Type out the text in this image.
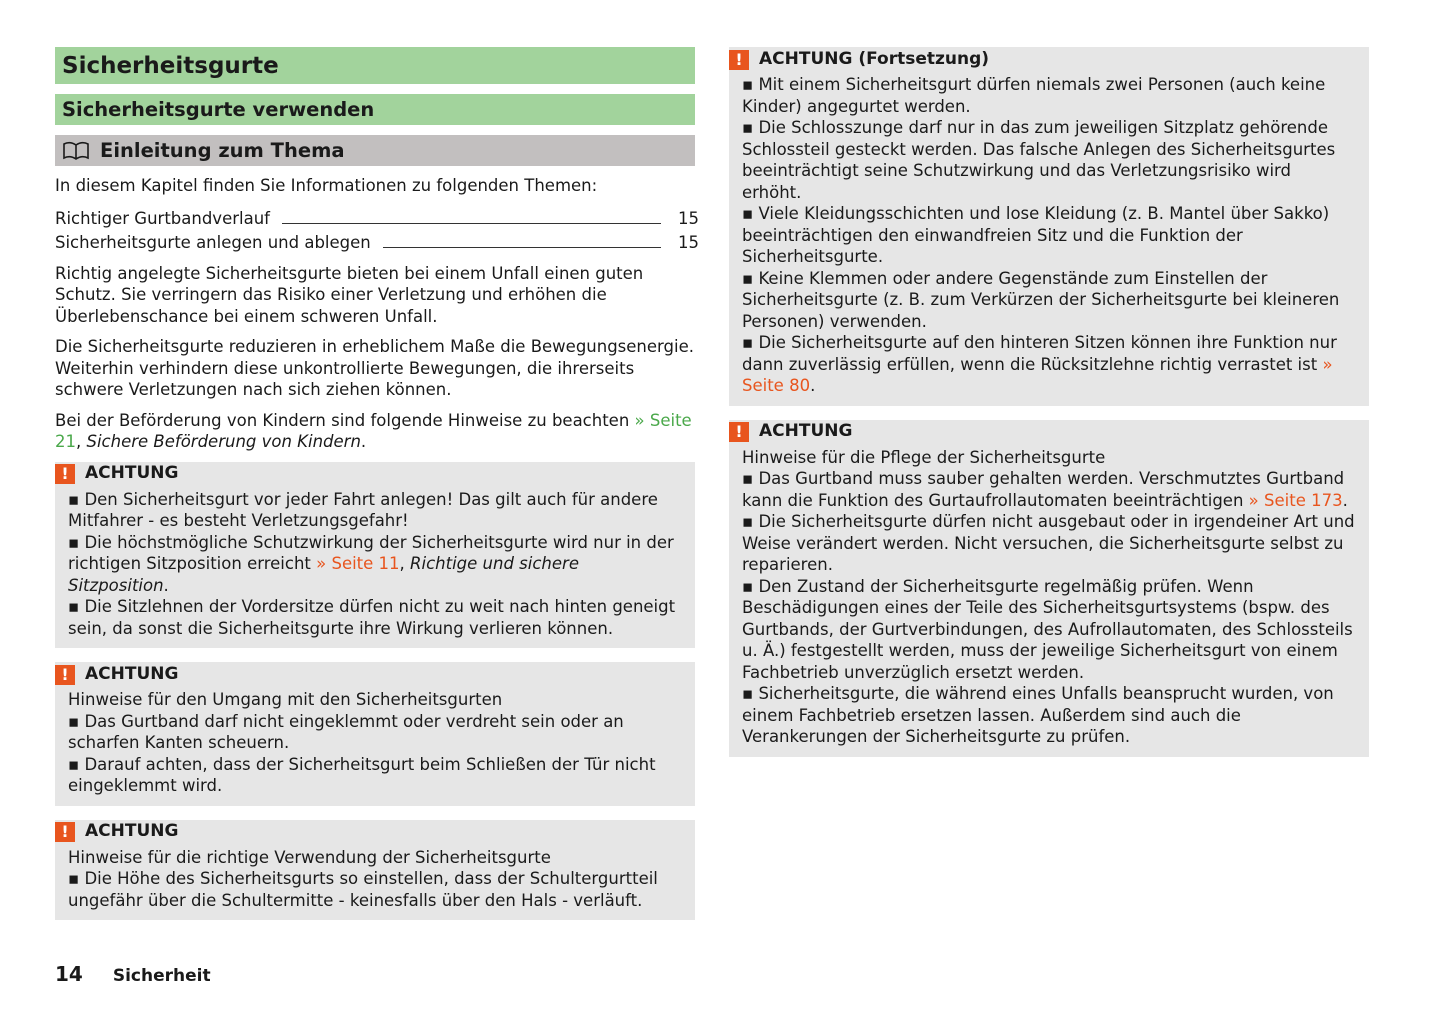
Sicherheitsgurte
Sicherheitsgurte verwenden
Einleitung zum Thema

In diesem Kapitel finden Sie Informationen zu folgenden Themen:

Richtiger Gurtbandverlauf	15
Sicherheitsgurte anlegen und ablegen	15

Richtig angelegte Sicherheitsgurte bieten bei einem Unfall einen guten Schutz. Sie verringern das Risiko einer Verletzung und erhöhen die Überlebenschance bei einem schweren Unfall.

Die Sicherheitsgurte reduzieren in erheblichem Maße die Bewegungsenergie. Weiterhin verhindern diese unkontrollierte Bewegungen, die ihrerseits schwere Verletzungen nach sich ziehen können.

Bei der Beförderung von Kindern sind folgende Hinweise zu beachten » Seite 21, Sichere Beförderung von Kindern.

! ACHTUNG
▪ Den Sicherheitsgurt vor jeder Fahrt anlegen! Das gilt auch für andere Mitfahrer - es besteht Verletzungsgefahr!
▪ Die höchstmögliche Schutzwirkung der Sicherheitsgurte wird nur in der richtigen Sitzposition erreicht » Seite 11, Richtige und sichere Sitzposition.
▪ Die Sitzlehnen der Vordersitze dürfen nicht zu weit nach hinten geneigt sein, da sonst die Sicherheitsgurte ihre Wirkung verlieren können.
! ACHTUNG
Hinweise für den Umgang mit den Sicherheitsgurten
▪ Das Gurtband darf nicht eingeklemmt oder verdreht sein oder an scharfen Kanten scheuern.
▪ Darauf achten, dass der Sicherheitsgurt beim Schließen der Tür nicht eingeklemmt wird.
! ACHTUNG
Hinweise für die richtige Verwendung der Sicherheitsgurte
▪ Die Höhe des Sicherheitsgurts so einstellen, dass der Schultergurtteil ungefähr über die Schultermitte - keinesfalls über den Hals - verläuft.
! ACHTUNG (Fortsetzung)
▪ Mit einem Sicherheitsgurt dürfen niemals zwei Personen (auch keine Kinder) angegurtet werden.
▪ Die Schlosszunge darf nur in das zum jeweiligen Sitzplatz gehörende Schlossteil gesteckt werden. Das falsche Anlegen des Sicherheitsgurtes beeinträchtigt seine Schutzwirkung und das Verletzungsrisiko wird erhöht.
▪ Viele Kleidungsschichten und lose Kleidung (z. B. Mantel über Sakko) beeinträchtigen den einwandfreien Sitz und die Funktion der Sicherheitsgurte.
▪ Keine Klemmen oder andere Gegenstände zum Einstellen der Sicherheitsgurte (z. B. zum Verkürzen der Sicherheitsgurte bei kleineren Personen) verwenden.
▪ Die Sicherheitsgurte auf den hinteren Sitzen können ihre Funktion nur dann zuverlässig erfüllen, wenn die Rücksitzlehne richtig verrastet ist » Seite 80.
! ACHTUNG
Hinweise für die Pflege der Sicherheitsgurte
▪ Das Gurtband muss sauber gehalten werden. Verschmutztes Gurtband kann die Funktion des Gurtaufrollautomaten beeinträchtigen » Seite 173.
▪ Die Sicherheitsgurte dürfen nicht ausgebaut oder in irgendeiner Art und Weise verändert werden. Nicht versuchen, die Sicherheitsgurte selbst zu reparieren.
▪ Den Zustand der Sicherheitsgurte regelmäßig prüfen. Wenn Beschädigungen eines der Teile des Sicherheitsgurtsystems (bspw. des Gurtbands, der Gurtverbindungen, des Aufrollautomaten, des Schlossteils u. Ä.) festgestellt werden, muss der jeweilige Sicherheitsgurt von einem Fachbetrieb unverzüglich ersetzt werden.
▪ Sicherheitsgurte, die während eines Unfalls beansprucht wurden, von einem Fachbetrieb ersetzen lassen. Außerdem sind auch die Verankerungen der Sicherheitsgurte zu prüfen.
14 Sicherheit
